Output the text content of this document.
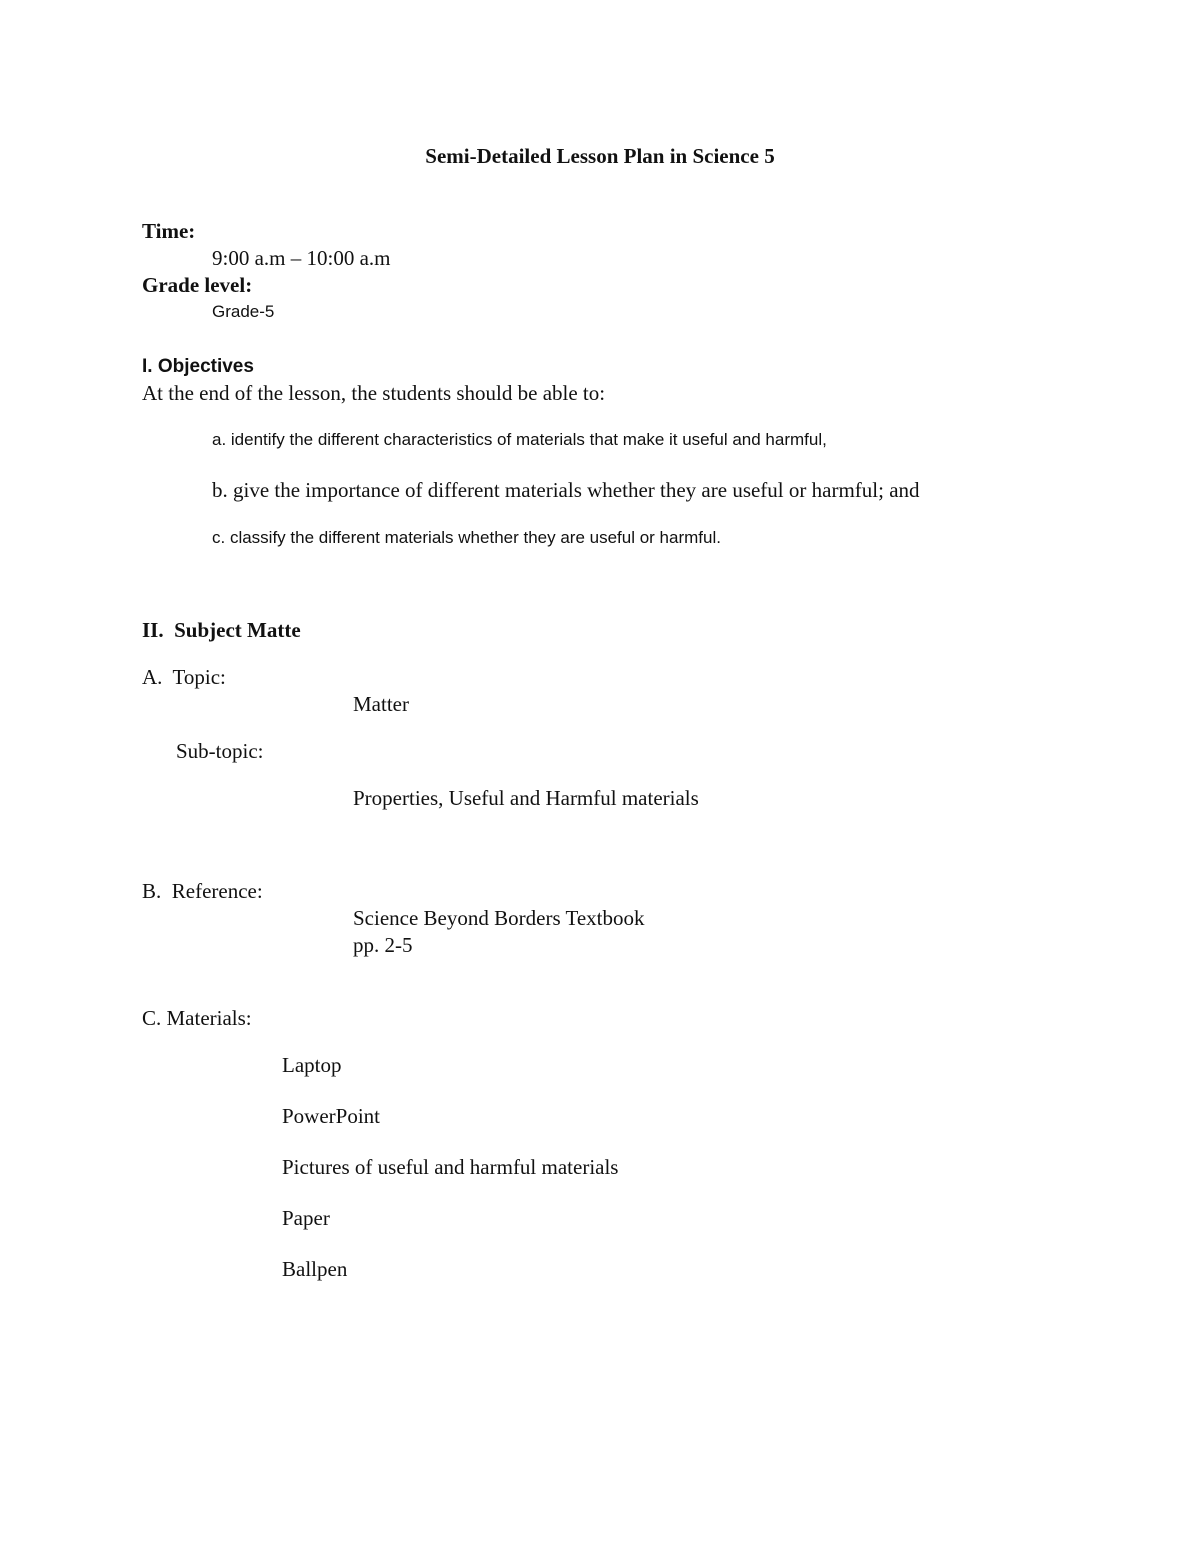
Semi-Detailed Lesson Plan in Science 5
Time:
9:00 a.m – 10:00 a.m
Grade level:
Grade-5
I. Objectives
At the end of the lesson, the students should be able to:
a. identify the different characteristics of materials that make it useful and harmful,
b. give the importance of different materials whether they are useful or harmful; and
c. classify the different materials whether they are useful or harmful.
II.  Subject Matte
A.  Topic:
Matter
Sub-topic:
Properties, Useful and Harmful materials
B.  Reference:
Science Beyond Borders Textbook
pp. 2-5
C. Materials:
Laptop
PowerPoint
Pictures of useful and harmful materials
Paper
Ballpen
